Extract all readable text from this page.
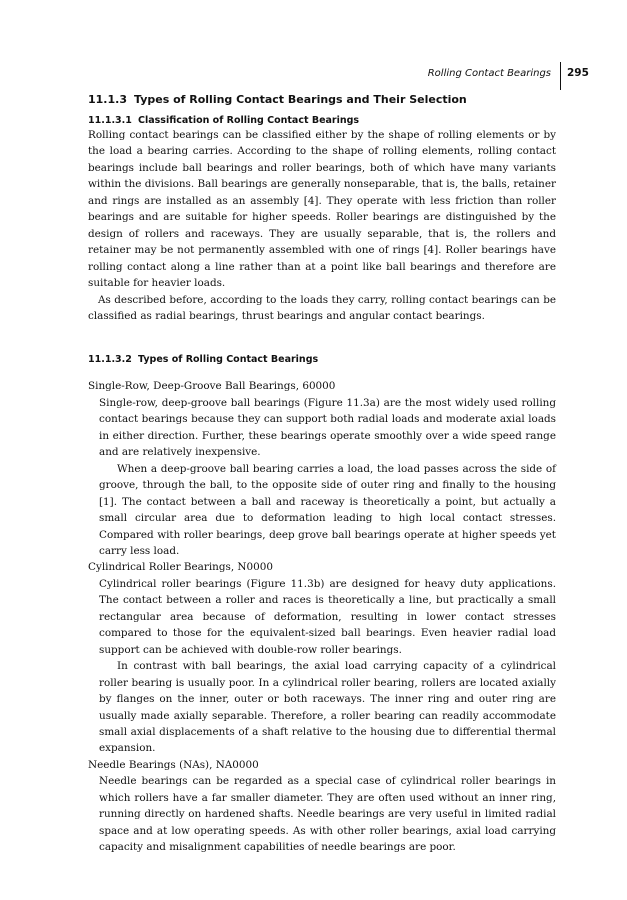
Rolling Contact Bearings 295
11.1.3 Types of Rolling Contact Bearings and Their Selection
11.1.3.1 Classification of Rolling Contact Bearings

Rolling contact bearings can be classified either by the shape of rolling elements or by the load a bearing carries. According to the shape of rolling elements, rolling contact bearings include ball bearings and roller bearings, both of which have many variants within the divisions. Ball bearings are generally nonseparable, that is, the balls, retainer and rings are installed as an assembly [4]. They operate with less friction than roller bearings and are suitable for higher speeds. Roller bearings are distinguished by the design of rollers and raceways. They are usually separable, that is, the rollers and retainer may be not permanently assembled with one of rings [4]. Roller bearings have rolling contact along a line rather than at a point like ball bearings and therefore are suitable for heavier loads.

As described before, according to the loads they carry, rolling contact bearings can be classified as radial bearings, thrust bearings and angular contact bearings.

11.1.3.2 Types of Rolling Contact Bearings
Single-Row, Deep-Groove Ball Bearings, 60000

Single-row, deep-groove ball bearings (Figure 11.3a) are the most widely used rolling contact bearings because they can support both radial loads and moderate axial loads in either direction. Further, these bearings operate smoothly over a wide speed range and are relatively inexpensive.

When a deep-groove ball bearing carries a load, the load passes across the side of groove, through the ball, to the opposite side of outer ring and finally to the housing [1]. The contact between a ball and raceway is theoretically a point, but actually a small circular area due to deformation leading to high local contact stresses. Compared with roller bearings, deep grove ball bearings operate at higher speeds yet carry less load.

Cylindrical Roller Bearings, N0000

Cylindrical roller bearings (Figure 11.3b) are designed for heavy duty applications. The contact between a roller and races is theoretically a line, but practically a small rectangular area because of deformation, resulting in lower contact stresses compared to those for the equivalent-sized ball bearings. Even heavier radial load support can be achieved with double-row roller bearings.

In contrast with ball bearings, the axial load carrying capacity of a cylindrical roller bearing is usually poor. In a cylindrical roller bearing, rollers are located axially by flanges on the inner, outer or both raceways. The inner ring and outer ring are usually made axially separable. Therefore, a roller bearing can readily accommodate small axial displacements of a shaft relative to the housing due to differential thermal expansion.

Needle Bearings (NAs), NA0000

Needle bearings can be regarded as a special case of cylindrical roller bearings in which rollers have a far smaller diameter. They are often used without an inner ring, running directly on hardened shafts. Needle bearings are very useful in limited radial space and at low operating speeds. As with other roller bearings, axial load carrying capacity and misalignment capabilities of needle bearings are poor.
